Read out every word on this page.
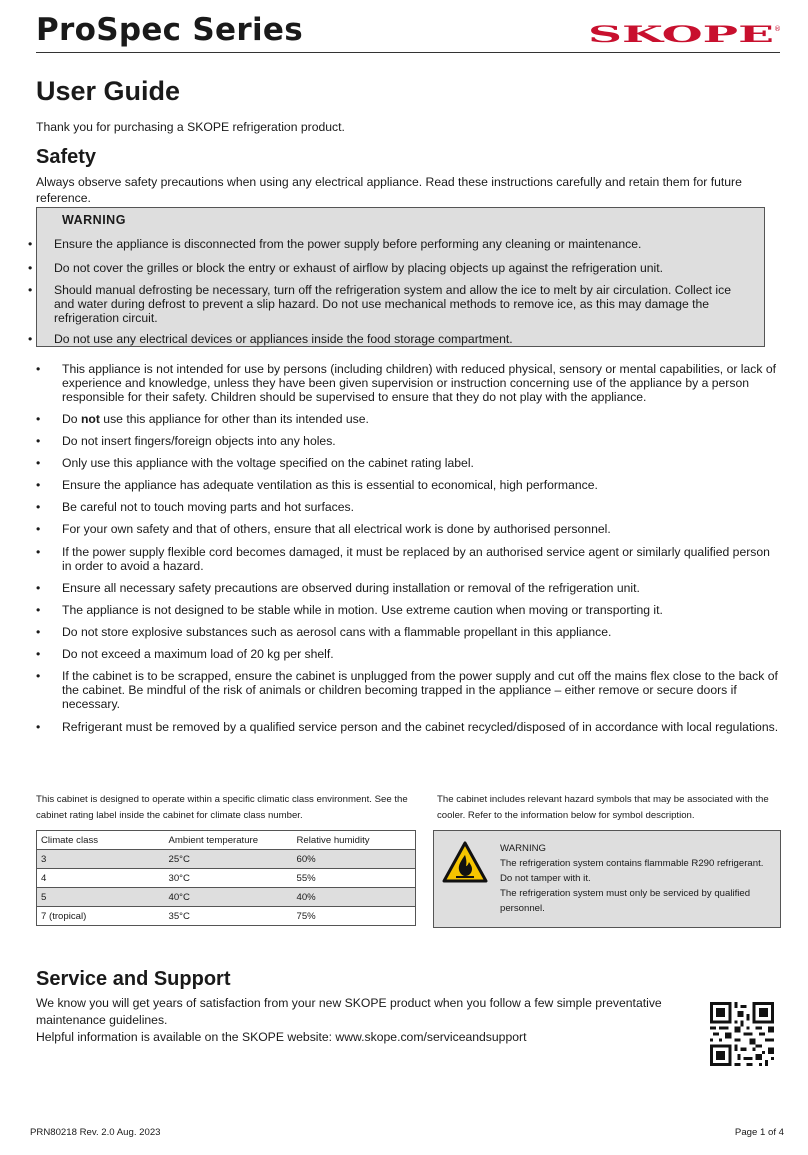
ProSpec Series	SKOPE ®
User Guide
Thank you for purchasing a SKOPE refrigeration product.
Safety
Always observe safety precautions when using any electrical appliance. Read these instructions carefully and retain them for future reference.
WARNING
• Ensure the appliance is disconnected from the power supply before performing any cleaning or maintenance.
• Do not cover the grilles or block the entry or exhaust of airflow by placing objects up against the refrigeration unit.
• Should manual defrosting be necessary, turn off the refrigeration system and allow the ice to melt by air circulation. Collect ice and water during defrost to prevent a slip hazard. Do not use mechanical methods to remove ice, as this may damage the refrigeration circuit.
• Do not use any electrical devices or appliances inside the food storage compartment.
• This appliance is not intended for use by persons (including children) with reduced physical, sensory or mental capabilities, or lack of experience and knowledge, unless they have been given supervision or instruction concerning use of the appliance by a person responsible for their safety. Children should be supervised to ensure that they do not play with the appliance.
• Do not use this appliance for other than its intended use.
• Do not insert fingers/foreign objects into any holes.
• Only use this appliance with the voltage specified on the cabinet rating label.
• Ensure the appliance has adequate ventilation as this is essential to economical, high performance.
• Be careful not to touch moving parts and hot surfaces.
• For your own safety and that of others, ensure that all electrical work is done by authorised personnel.
• If the power supply flexible cord becomes damaged, it must be replaced by an authorised service agent or similarly qualified person in order to avoid a hazard.
• Ensure all necessary safety precautions are observed during installation or removal of the refrigeration unit.
• The appliance is not designed to be stable while in motion. Use extreme caution when moving or transporting it.
• Do not store explosive substances such as aerosol cans with a flammable propellant in this appliance.
• Do not exceed a maximum load of 20 kg per shelf.
• If the cabinet is to be scrapped, ensure the cabinet is unplugged from the power supply and cut off the mains flex close to the back of the cabinet. Be mindful of the risk of animals or children becoming trapped in the appliance – either remove or secure doors if necessary.
• Refrigerant must be removed by a qualified service person and the cabinet recycled/disposed of in accordance with local regulations.
This cabinet is designed to operate within a specific climatic class environment. See the cabinet rating label inside the cabinet for climate class number.
Climate class	Ambient temperature	Relative humidity
3	25°C	60%
4	30°C	55%
5	40°C	40%
7 (tropical)	35°C	75%
The cabinet includes relevant hazard symbols that may be associated with the cooler. Refer to the information below for symbol description.
WARNING
The refrigeration system contains flammable R290 refrigerant. Do not tamper with it.
The refrigeration system must only be serviced by qualified personnel.
Service and Support
We know you will get years of satisfaction from your new SKOPE product when you follow a few simple preventative maintenance guidelines.
Helpful information is available on the SKOPE website: www.skope.com/serviceandsupport
PRN80218 Rev. 2.0 Aug. 2023	Page 1 of 4
